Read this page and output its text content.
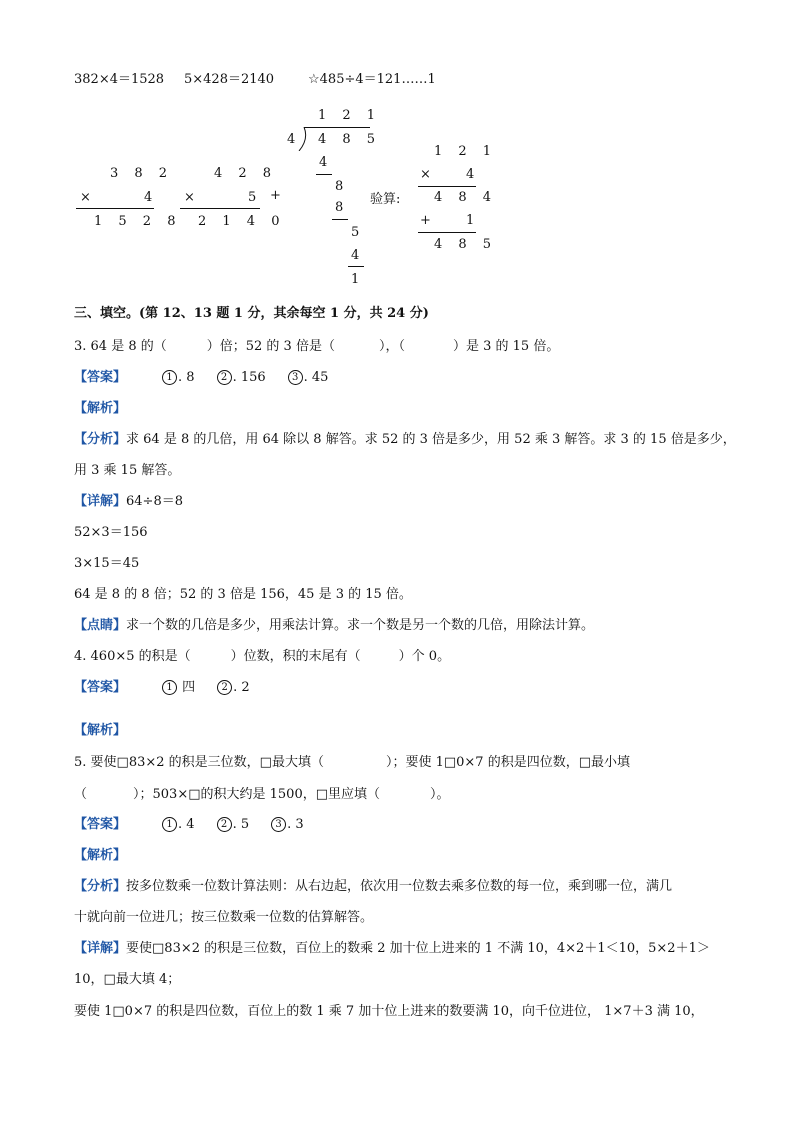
382×4＝1528 5×428＝2140	☆485÷4＝121……1
3 8 2
×	4
1 5 2 8
4 2 8
×	5
2 1 4 0
+
1 2 1
4 4 8 5
4
8
8
5
4
1
验算:
1 2 1
×	4
4 8 4
+	1
4 8 5
三、填空。(第 12、13 题 1 分，其余每空 1 分，共 24 分)
3. 64 是 8 的（	）倍；52 的 3 倍是（	），（	）是 3 的 15 倍。
【答案】	1 . 8	2 . 156	3 . 45
【解析】
【分析】求 64 是 8 的几倍，用 64 除以 8 解答。求 52 的 3 倍是多少，用 52 乘 3 解答。求 3 的 15 倍是多少，
用 3 乘 15 解答。
【详解】64÷8＝8
52×3＝156
3×15＝45
64 是 8 的 8 倍；52 的 3 倍是 156，45 是 3 的 15 倍。
【点睛】求一个数的几倍是多少，用乘法计算。求一个数是另一个数的几倍，用除法计算。
4. 460×5 的积是（	）位数，积的末尾有（	）个 0。
【答案】	1 四	2 . 2
【解析】
5. 要使□83×2 的积是三位数，□最大填（	）；要使 1□0×7 的积是四位数，□最小填
（	）；503×□的积大约是 1500，□里应填（	）。
【答案】	1 . 4	2 . 5	3 . 3
【解析】
【分析】按多位数乘一位数计算法则：从右边起，依次用一位数去乘多位数的每一位，乘到哪一位，满几
十就向前一位进几；按三位数乘一位数的估算解答。
【详解】要使□83×2 的积是三位数，百位上的数乘 2 加十位上进来的 1 不满 10，4×2＋1＜10，5×2＋1＞
10，□最大填 4；
要使 1□0×7 的积是四位数，百位上的数 1 乘 7 加十位上进来的数要满 10，向千位进位， 1×7＋3 满 10，
